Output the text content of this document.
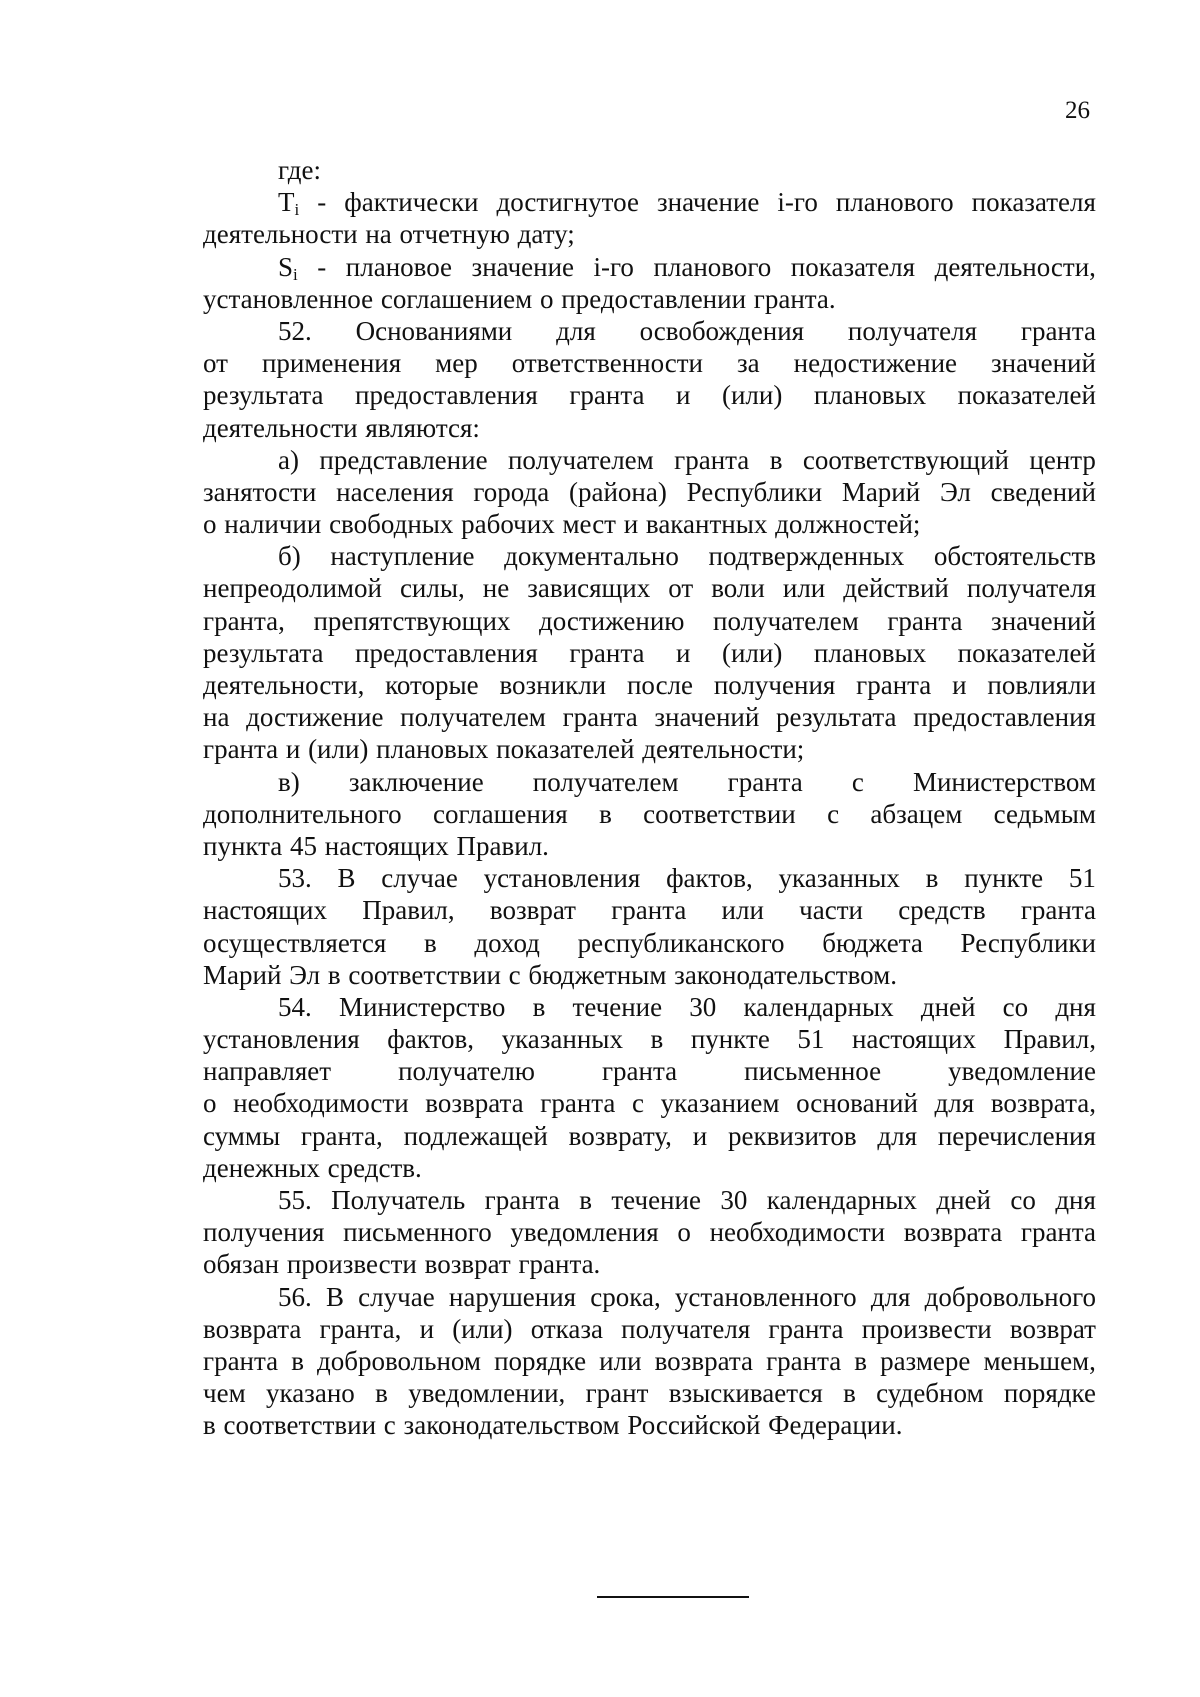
26
где:
$T_i$ - фактически достигнутое значение i-го планового показателя
деятельности на отчетную дату;
$S_i$ - плановое значение i-го планового показателя деятельности,
установленное соглашением о предоставлении гранта.
52. Основаниями для освобождения получателя гранта
от применения мер ответственности за недостижение значений
результата предоставления гранта и (или) плановых показателей
деятельности являются:
а) представление получателем гранта в соответствующий центр
занятости населения города (района) Республики Марий Эл сведений
о наличии свободных рабочих мест и вакантных должностей;
б) наступление документально подтвержденных обстоятельств
непреодолимой силы, не зависящих от воли или действий получателя
гранта, препятствующих достижению получателем гранта значений
результата предоставления гранта и (или) плановых показателей
деятельности, которые возникли после получения гранта и повлияли
на достижение получателем гранта значений результата предоставления
гранта и (или) плановых показателей деятельности;
в) заключение получателем гранта с Министерством
дополнительного соглашения в соответствии с абзацем седьмым
пункта 45 настоящих Правил.
53. В случае установления фактов, указанных в пункте 51
настоящих Правил, возврат гранта или части средств гранта
осуществляется в доход республиканского бюджета Республики
Марий Эл в соответствии с бюджетным законодательством.
54. Министерство в течение 30 календарных дней со дня
установления фактов, указанных в пункте 51 настоящих Правил,
направляет получателю гранта письменное уведомление
о необходимости возврата гранта с указанием оснований для возврата,
суммы гранта, подлежащей возврату, и реквизитов для перечисления
денежных средств.
55. Получатель гранта в течение 30 календарных дней со дня
получения письменного уведомления о необходимости возврата гранта
обязан произвести возврат гранта.
56. В случае нарушения срока, установленного для добровольного
возврата гранта, и (или) отказа получателя гранта произвести возврат
гранта в добровольном порядке или возврата гранта в размере меньшем,
чем указано в уведомлении, грант взыскивается в судебном порядке
в соответствии с законодательством Российской Федерации.
